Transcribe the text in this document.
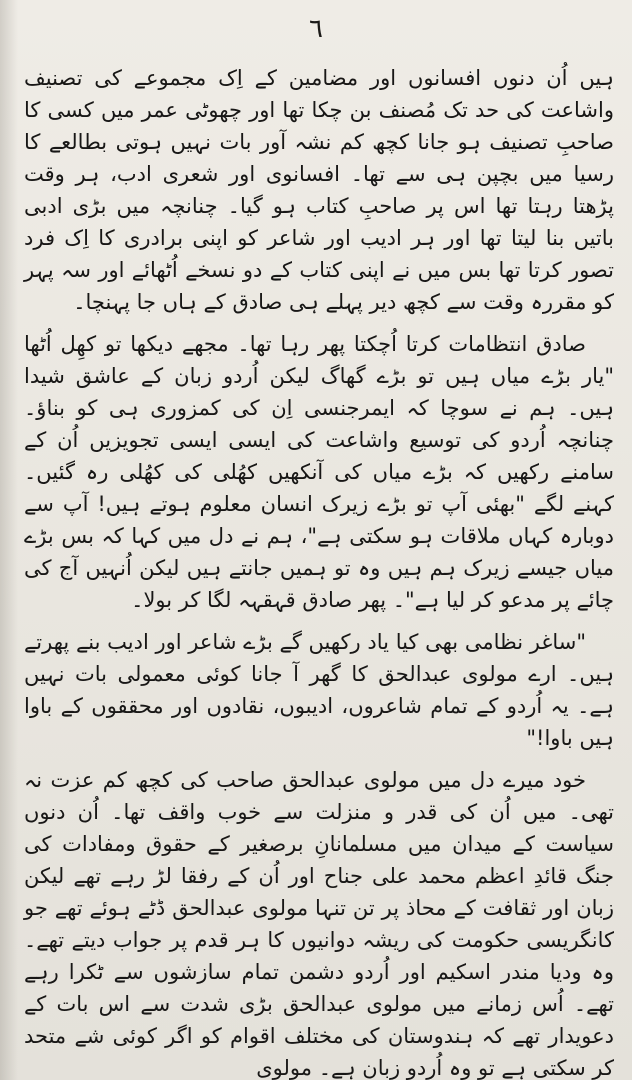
٦

ہیں اُن دنوں افسانوں اور مضامین کے اِک مجموعے کی تصنیف واشاعت کی حد تک مُصنف بن چکا تھا اور چھوٹی عمر میں کسی کا صاحبِ تصنیف ہو جانا کچھ کم نشہ آور بات نہیں ہوتی بطالعے کا رسیا میں بچپن ہی سے تھا۔ افسانوی اور شعری ادب، ہر وقت پڑھتا رہتا تھا اس پر صاحبِ کتاب ہو گیا۔ چنانچہ میں بڑی ادبی باتیں بنا لیتا تھا اور ہر ادیب اور شاعر کو اپنی برادری کا اِک فرد تصور کرتا تھا بس میں نے اپنی کتاب کے دو نسخے اُٹھائے اور سہ پہر کو مقررہ وقت سے کچھ دیر پہلے ہی صادق کے ہاں جا پہنچا۔

صادق انتظامات کرتا اُچکتا پھر رہا تھا۔ مجھے دیکھا تو کھِل اُٹھا "یار بڑے میاں ہیں تو بڑے گھاگ لیکن اُردو زبان کے عاشق شیدا ہیں۔ ہم نے سوچا کہ ایمرجنسی اِن کی کمزوری ہی کو بناؤ۔ چنانچہ اُردو کی توسیع واشاعت کی ایسی ایسی تجویزیں اُن کے سامنے رکھیں کہ بڑے میاں کی آنکھیں کھُلی کی کھُلی رہ گئیں۔ کہنے لگے "بھئی آپ تو بڑے زیرک انسان معلوم ہوتے ہیں! آپ سے دوبارہ کہاں ملاقات ہو سکتی ہے"، ہم نے دل میں کہا کہ بس بڑے میاں جیسے زیرک ہم ہیں وہ تو ہمیں جانتے ہیں لیکن اُنہیں آج کی چائے پر مدعو کر لیا ہے"۔ پھر صادق قہقہہ لگا کر بولا۔

"ساغر نظامی بھی کیا یاد رکھیں گے بڑے شاعر اور ادیب بنے پھرتے ہیں۔ ارے مولوی عبدالحق کا گھر آ جانا کوئی معمولی بات نہیں ہے۔ یہ اُردو کے تمام شاعروں، ادیبوں، نقادوں اور محققوں کے باوا ہیں باوا!"

خود میرے دل میں مولوی عبدالحق صاحب کی کچھ کم عزت نہ تھی۔ میں اُن کی قدر و منزلت سے خوب واقف تھا۔ اُن دنوں سیاست کے میدان میں مسلمانانِ برصغیر کے حقوق ومفادات کی جنگ قائدِ اعظم محمد علی جناح اور اُن کے رفقا لڑ رہے تھے لیکن زبان اور ثقافت کے محاذ پر تن تنہا مولوی عبدالحق ڈٹے ہوئے تھے جو کانگریسی حکومت کی ریشہ دوانیوں کا ہر قدم پر جواب دیتے تھے۔ وہ ودیا مندر اسکیم اور اُردو دشمن تمام سازشوں سے ٹکرا رہے تھے۔ اُس زمانے میں مولوی عبدالحق بڑی شدت سے اس بات کے دعویدار تھے کہ ہندوستان کی مختلف اقوام کو اگر کوئی شے متحد کر سکتی ہے تو وہ اُردو زبان ہے۔ مولوی
